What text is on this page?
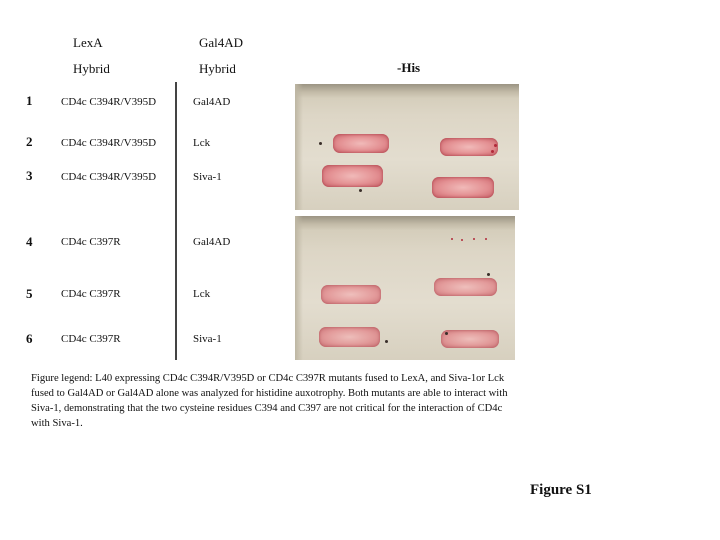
LexA
Hybrid
Gal4AD
Hybrid	-His
1	CD4c C394R/V395D	Gal4AD
2	CD4c C394R/V395D	Lck
3	CD4c C394R/V395D	Siva-1
4	CD4c C397R	Gal4AD
5	CD4c C397R	Lck
6	CD4c C397R	Siva-1
Figure legend: L40 expressing CD4c C394R/V395D or CD4c C397R mutants fused to LexA, and Siva-1or Lck fused to Gal4AD or Gal4AD alone was analyzed for histidine auxotrophy. Both mutants are able to interact with Siva-1, demonstrating that the two cysteine residues C394 and C397 are not critical for the interaction of CD4c with Siva-1.
Figure S1
